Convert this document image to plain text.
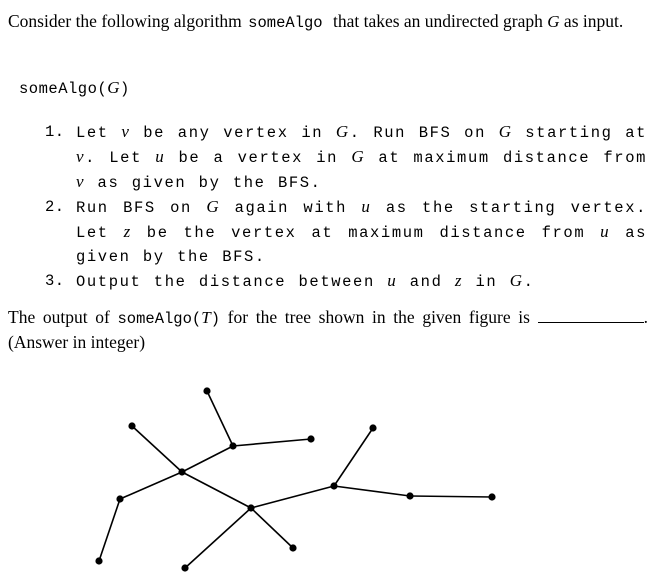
Consider the following algorithm someAlgo that takes an undirected graph G as input.
someAlgo(G)
1. Let v be any vertex in G. Run BFS on G starting at v. Let u be a vertex in G at maximum distance from v as given by the BFS.
2. Run BFS on G again with u as the starting vertex. Let z be the vertex at maximum distance from u as given by the BFS.
3. Output the distance between u and z in G.
The output of someAlgo(T) for the tree shown in the given figure is	. (Answer in integer)
